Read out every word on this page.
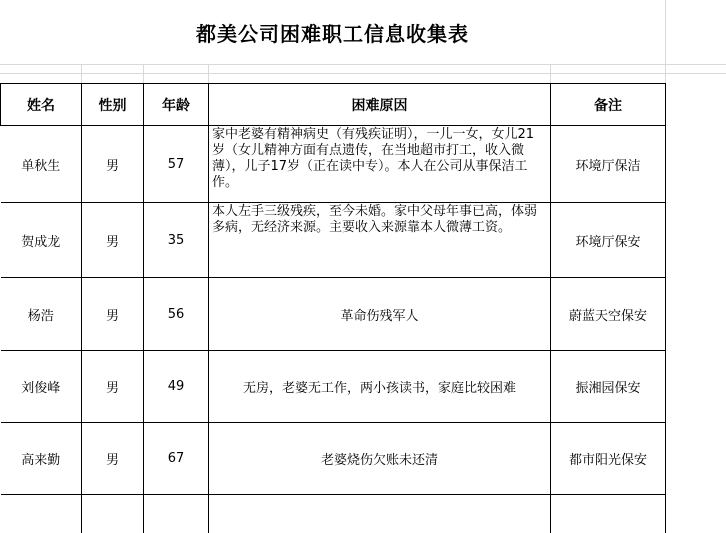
都美公司困难职工信息收集表
姓名	性别	年龄	困难原因	备注
单秋生	男	57	家中老婆有精神病史（有残疾证明），一儿一女，女儿21岁（女儿精神方面有点遗传，在当地超市打工，收入微薄），儿子17岁（正在读中专）。本人在公司从事保洁工作。	环境厅保洁
贺成龙	男	35	本人左手三级残疾，至今未婚。家中父母年事已高，体弱多病，无经济来源。主要收入来源靠本人微薄工资。	环境厅保安
杨浩	男	56	革命伤残军人	蔚蓝天空保安
刘俊峰	男	49	无房，老婆无工作，两小孩读书，家庭比较困难	振湘园保安
高来勤	男	67	老婆烧伤欠账未还清	都市阳光保安
